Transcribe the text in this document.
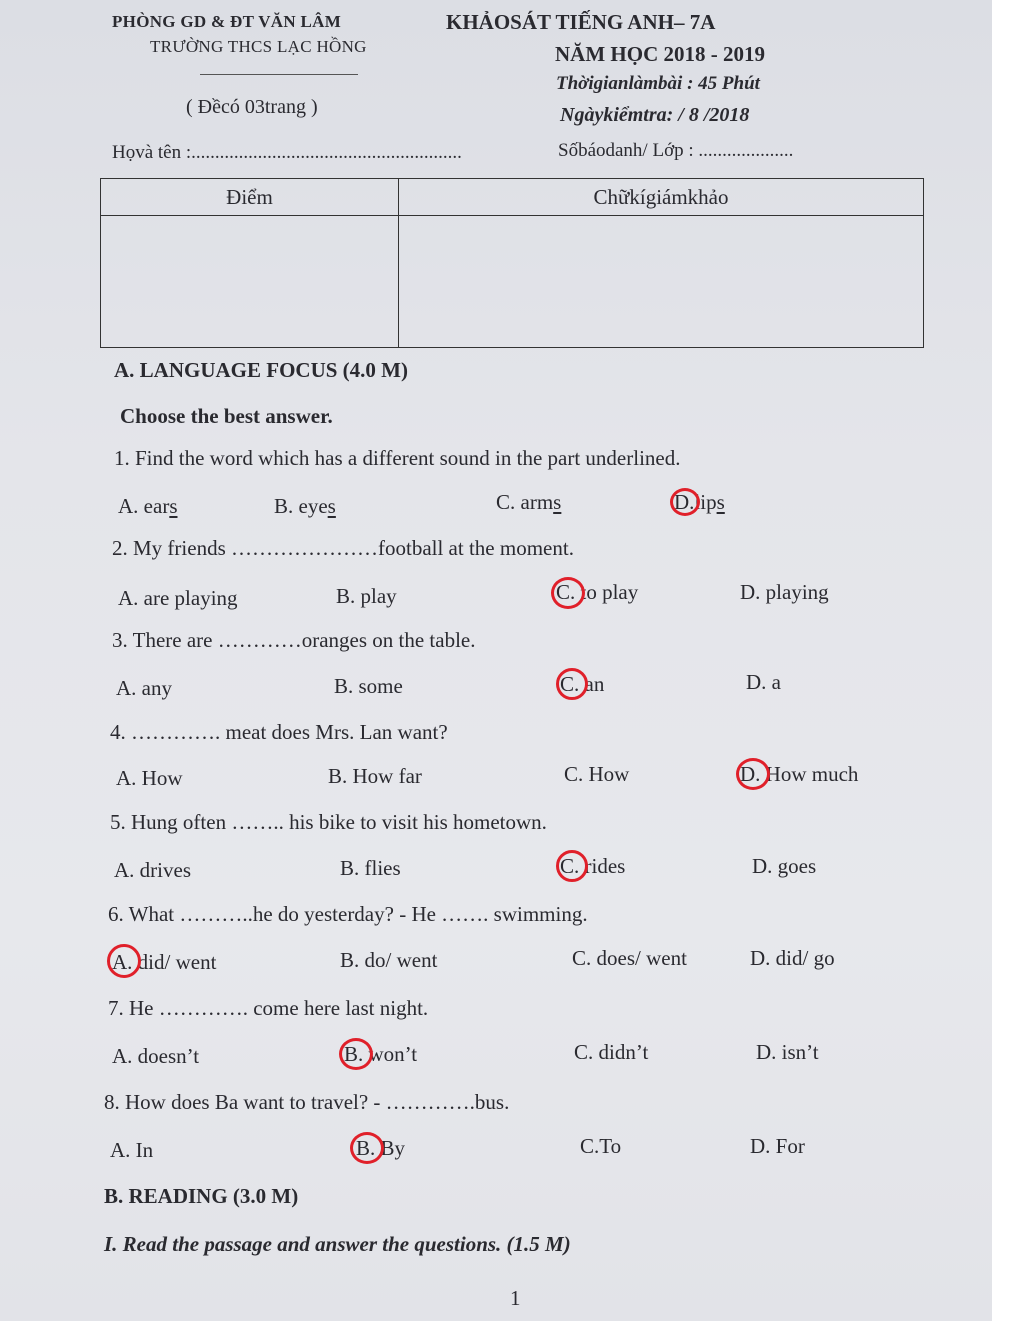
PHÒNG GD & ĐT VĂN LÂM
TRƯỜNG THCS LẠC HỒNG
( Đềcó 03trang )
KHẢOSÁT TIẾNG ANH– 7A
NĂM HỌC 2018 - 2019
Thờigianlàmbài : 45 Phút
Ngàykiểmtra: / 8 /2018
Họvà tên :.........................................................	Sốbáodanh/ Lớp : ....................
Điểm	Chữkígiámkhảo

A. LANGUAGE FOCUS (4.0 M)
Choose the best answer.
1. Find the word which has a different sound in the part underlined.
A. ears	B. eyes	C. arms	D.lips
2. My friends …………………football at the moment.
A. are playing	B. play	C. to play	D. playing
3. There are …………oranges on the table.
A. any	B. some	C. an	D. a
4. …………. meat does Mrs. Lan want?
A. How	B. How far	C. How	D. How much
5. Hung often …….. his bike to visit his hometown.
A. drives	B. flies	C. rides	D. goes
6. What ………..he do yesterday? - He ……. swimming.
A. did/ went	B. do/ went	C. does/ went	D. did/ go
7. He …………. come here last night.
A. doesn’t	B. won’t	C. didn’t	D. isn’t
8. How does Ba want to travel? - ………….bus.
A. In	B. By	C.To	D. For
B. READING (3.0 M)
I. Read the passage and answer the questions. (1.5 M)
1
